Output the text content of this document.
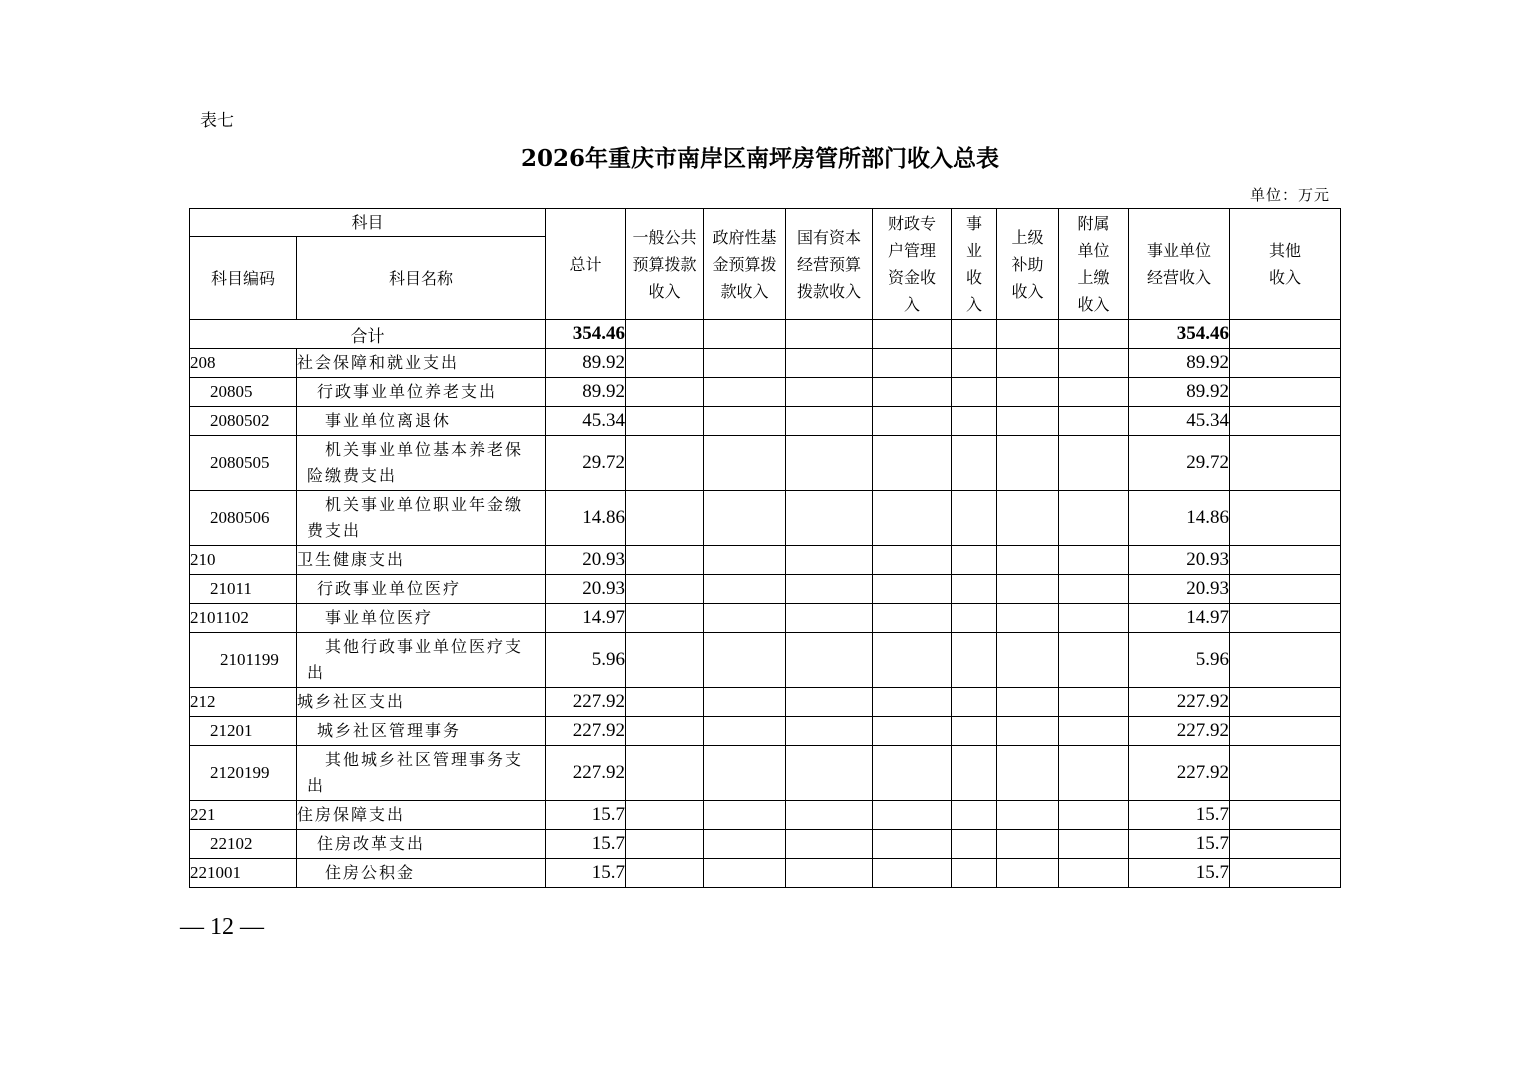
表七
2026年重庆市南岸区南坪房管所部门收入总表
单位：万元
科目		总计	一般公共预算拨款收入	政府性基金预算拨款收入	国有资本经营预算拨款收入	财政专户管理资金收入	事业收入	上级补助收入	附属单位上缴收入	事业单位经营收入	其他收入
科目编码	科目名称										
合计		354.46								354.46	
208	社会保障和就业支出	89.92								89.92	
20805	行政事业单位养老支出	89.92								89.92	
2080502	事业单位离退休	45.34								45.34	
2080505	机关事业单位基本养老保险缴费支出	29.72								29.72	
2080506	机关事业单位职业年金缴费支出	14.86								14.86	
210	卫生健康支出	20.93								20.93	
21011	行政事业单位医疗	20.93								20.93	
2101102	事业单位医疗	14.97								14.97	
2101199	其他行政事业单位医疗支出	5.96								5.96	
212	城乡社区支出	227.92								227.92	
21201	城乡社区管理事务	227.92								227.92	
2120199	其他城乡社区管理事务支出	227.92								227.92	
221	住房保障支出	15.7								15.7	
22102	住房改革支出	15.7								15.7	
221001	住房公积金	15.7								15.7	
— 12 —
